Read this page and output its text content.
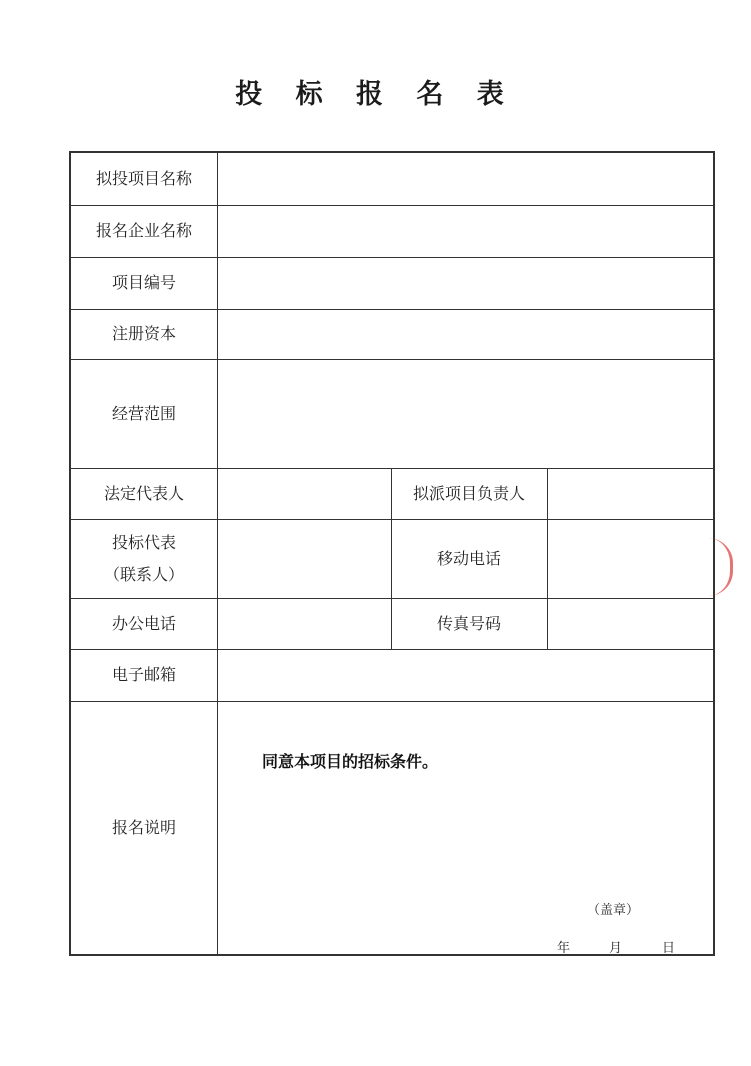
投 标 报 名 表
拟投项目名称
报名企业名称
项目编号
注册资本
经营范围
法定代表人
投标代表
（联系人）
办公电话
电子邮箱
报名说明
拟派项目负责人
移动电话
传真号码
同意本项目的招标条件。
（盖章）
年	月	日
